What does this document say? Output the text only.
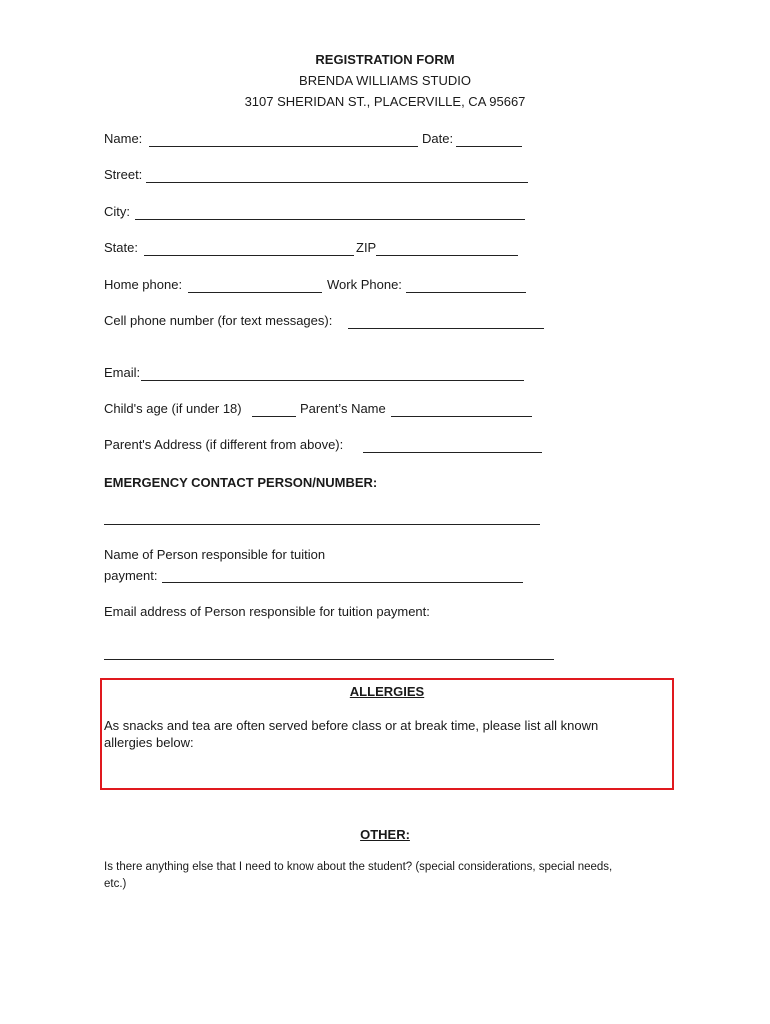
REGISTRATION FORM
BRENDA WILLIAMS STUDIO
3107 SHERIDAN ST., PLACERVILLE, CA 95667
Name:	Date:
Street:
City:
State:	ZIP
Home phone:	Work Phone:
Cell phone number (for text messages):
Email:
Child's age (if under 18)	Parent’s Name
Parent's Address (if different from above):
EMERGENCY CONTACT PERSON/NUMBER:
Name of Person responsible for tuition
payment:
Email address of Person responsible for tuition payment:
ALLERGIES
As snacks and tea are often served before class or at break time, please list all known
allergies below:
OTHER:
Is there anything else that I need to know about the student? (special considerations, special needs,
etc.)
